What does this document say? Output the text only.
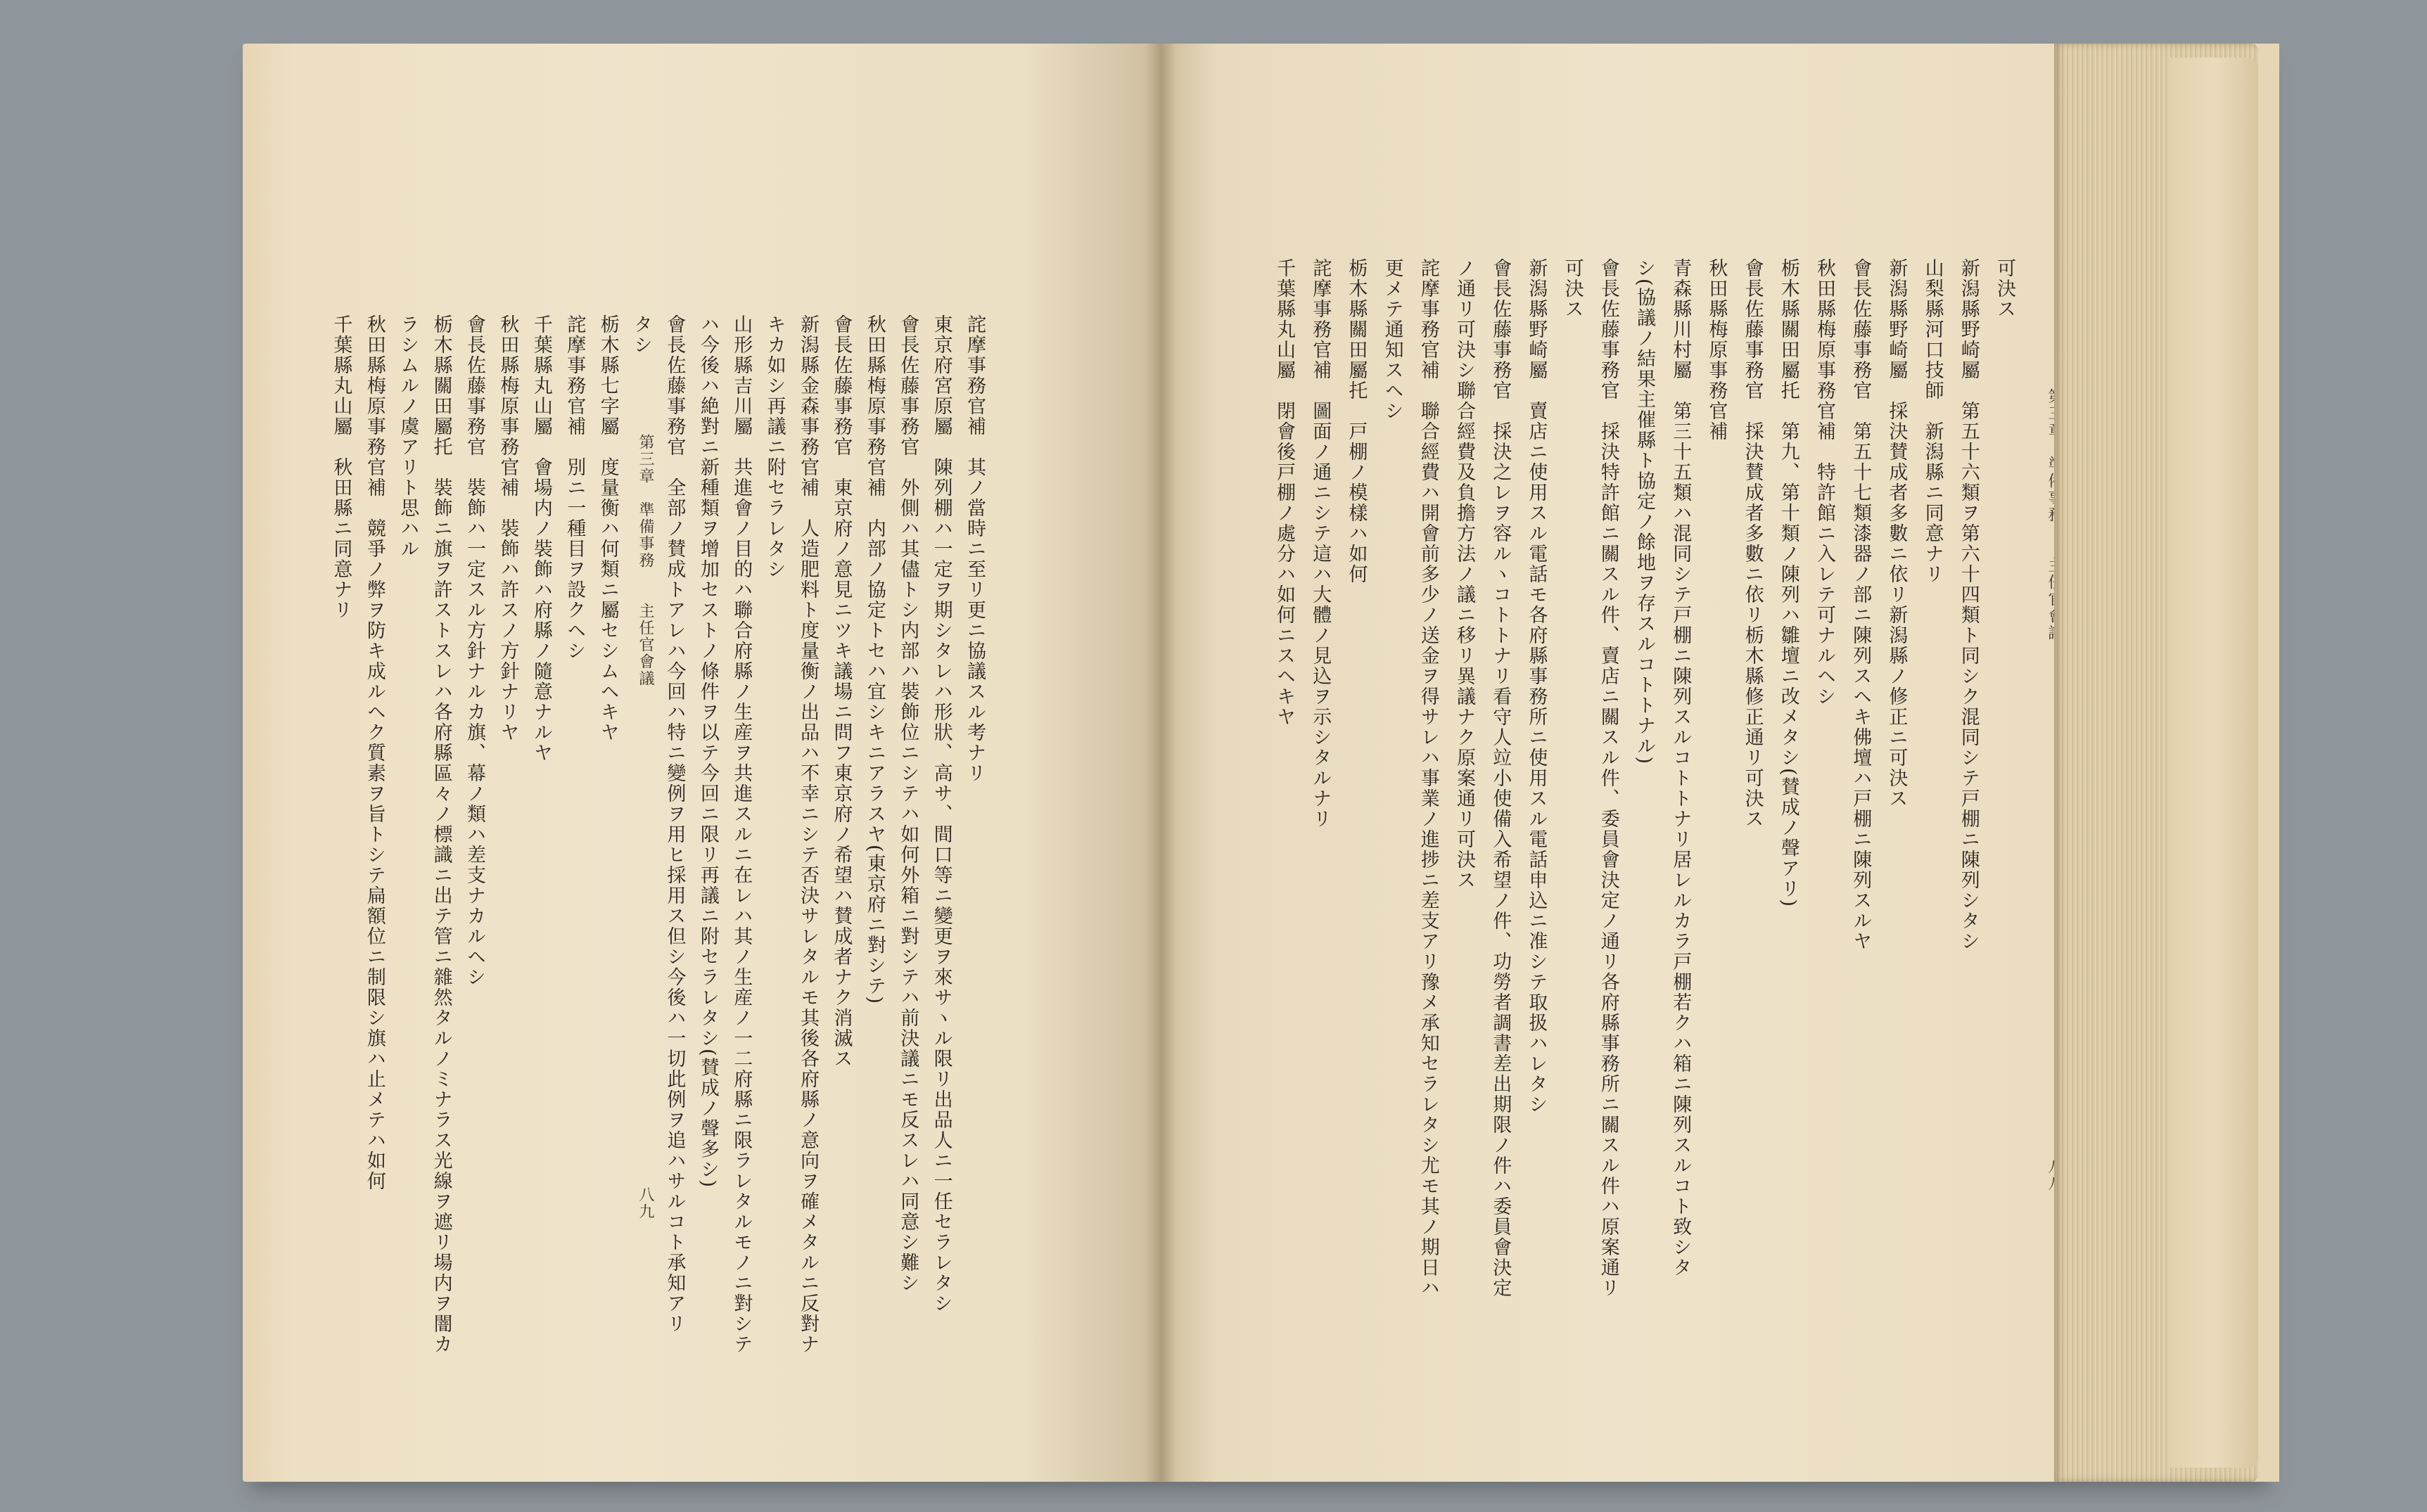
詫摩事務官補　其ノ當時ニ至リ更ニ協議スル考ナリ
東京府宮原屬　陳列棚ハ一定ヲ期シタレハ形狀、高サ、間口等ニ變更ヲ來サヽル限リ出品人ニ一任セラレタシ
會長佐藤事務官　外側ハ其儘トシ内部ハ裝飾位ニシテハ如何外箱ニ對シテハ前決議ニモ反スレハ同意シ難シ
秋田縣梅原事務官補　内部ノ協定トセハ宜シキニアラスヤ(東京府ニ對シテ)
會長佐藤事務官　東京府ノ意見ニツキ議場ニ問フ東京府ノ希望ハ賛成者ナク消滅ス
新潟縣金森事務官補　人造肥料ト度量衡ノ出品ハ不幸ニシテ否決サレタルモ其後各府縣ノ意向ヲ確メタルニ反對ナ
キカ如シ再議ニ附セラレタシ
山形縣吉川屬　共進會ノ目的ハ聯合府縣ノ生産ヲ共進スルニ在レハ其ノ生産ノ一二府縣ニ限ラレタルモノニ對シテ
ハ今後ハ絶對ニ新種類ヲ增加セストノ條件ヲ以テ今回ニ限リ再議ニ附セラレタシ(賛成ノ聲多シ)
會長佐藤事務官　全部ノ賛成トアレハ今回ハ特ニ變例ヲ用ヒ採用ス但シ今後ハ一切此例ヲ追ハサルコト承知アリ
タシ
栃木縣七字屬　度量衡ハ何類ニ屬セシムヘキヤ
詫摩事務官補　別ニ一種目ヲ設クヘシ
千葉縣丸山屬　會場内ノ裝飾ハ府縣ノ隨意ナルヤ
秋田縣梅原事務官補　裝飾ハ許スノ方針ナリヤ
會長佐藤事務官　裝飾ハ一定スル方針ナルカ旗、幕ノ類ハ差支ナカルヘシ
栃木縣關田屬托　裝飾ニ旗ヲ許ストスレハ各府縣區々ノ標識ニ出テ管ニ雜然タルノミナラス光線ヲ遮リ場内ヲ闇カ
ラシムルノ虞アリト思ハル
秋田縣梅原事務官補　競爭ノ弊ヲ防キ成ルヘク質素ヲ旨トシテ扁額位ニ制限シ旗ハ止メテハ如何
千葉縣丸山屬　秋田縣ニ同意ナリ	第三章　準備事務　　主任官會議
八九
可決ス
新潟縣野崎屬　第五十六類ヲ第六十四類ト同シク混同シテ戸棚ニ陳列シタシ
山梨縣河口技師　新潟縣ニ同意ナリ
新潟縣野崎屬　採決賛成者多數ニ依リ新潟縣ノ修正ニ可決ス
會長佐藤事務官　第五十七類漆器ノ部ニ陳列スヘキ佛壇ハ戸棚ニ陳列スルヤ
秋田縣梅原事務官補　特許館ニ入レテ可ナルヘシ
栃木縣關田屬托　第九、第十類ノ陳列ハ雛壇ニ改メタシ(賛成ノ聲アリ)
會長佐藤事務官　採決賛成者多數ニ依リ栃木縣修正通リ可決ス
秋田縣梅原事務官補
青森縣川村屬　第三十五類ハ混同シテ戸棚ニ陳列スルコトトナリ居レルカラ戸棚若クハ箱ニ陳列スルコト致シタ
シ(協議ノ結果主催縣ト協定ノ餘地ヲ存スルコトトナル)
會長佐藤事務官　採決特許館ニ關スル件、賣店ニ關スル件、委員會決定ノ通リ各府縣事務所ニ關スル件ハ原案通リ
可決ス
新潟縣野崎屬　賣店ニ使用スル電話モ各府縣事務所ニ使用スル電話申込ニ准シテ取扱ハレタシ
會長佐藤事務官　採決之レヲ容ルヽコトトナリ看守人竝小使備入希望ノ件、功勞者調書差出期限ノ件ハ委員會決定
ノ通リ可決シ聯合經費及負擔方法ノ議ニ移リ異議ナク原案通リ可決ス
詫摩事務官補　聯合經費ハ開會前多少ノ送金ヲ得サレハ事業ノ進捗ニ差支アリ豫メ承知セラレタシ尤モ其ノ期日ハ
更メテ通知スヘシ
栃木縣關田屬托　戸棚ノ模樣ハ如何
詫摩事務官補　圖面ノ通ニシテ這ハ大體ノ見込ヲ示シタルナリ
千葉縣丸山屬　閉會後戸棚ノ處分ハ如何ニスヘキヤ
